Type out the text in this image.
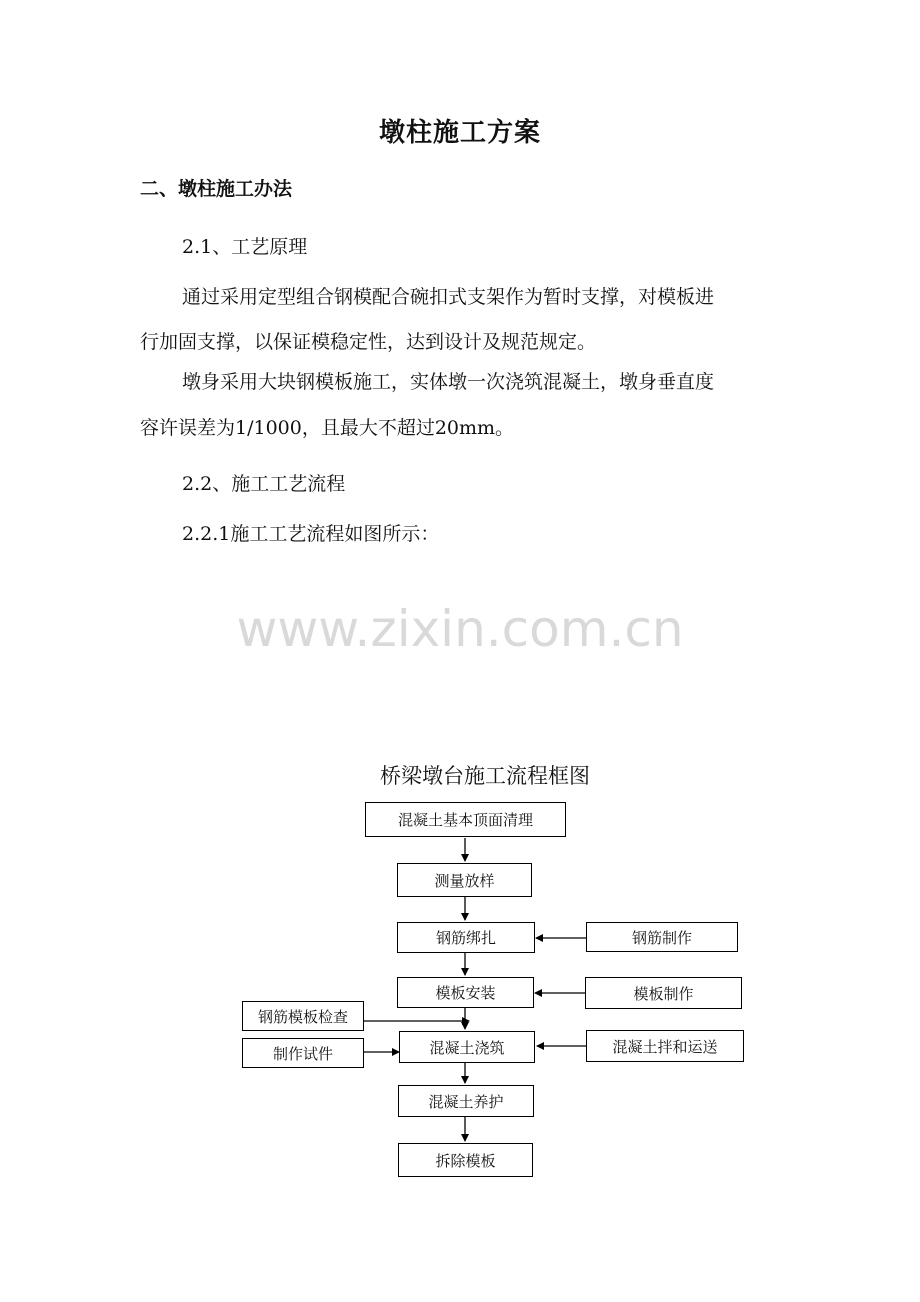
墩柱施工方案
二、墩柱施工办法
2.1、工艺原理
通过采用定型组合钢模配合碗扣式支架作为暂时支撑，对模板进
行加固支撑，以保证模稳定性，达到设计及规范规定。
墩身采用大块钢模板施工，实体墩一次浇筑混凝土，墩身垂直度
容许误差为1/1000，且最大不超过20mm。
2.2、施工工艺流程
2.2.1施工工艺流程如图所示：
www.zixin.com.cn
桥梁墩台施工流程框图
混凝土基本顶面清理
测量放样
钢筋绑扎
模板安装
混凝土浇筑
混凝土养护
拆除模板
钢筋制作
模板制作
混凝土拌和运送
钢筋模板检查
制作试件
